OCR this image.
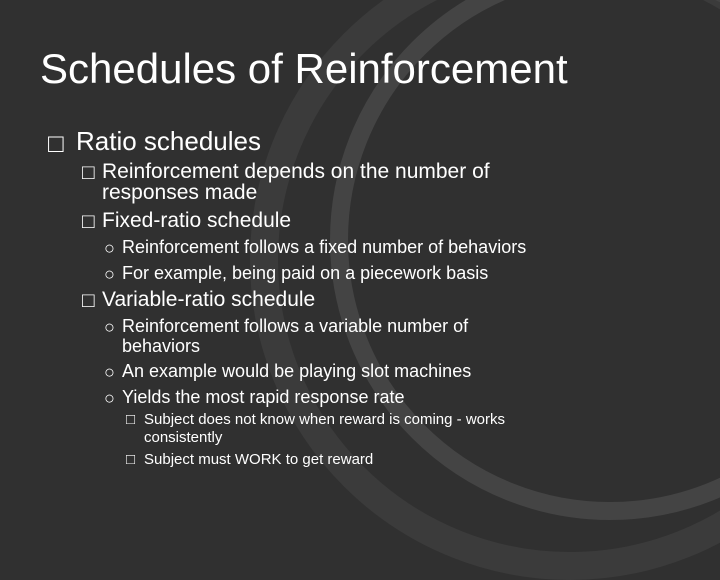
Schedules of Reinforcement
□ Ratio schedules
□ Reinforcement depends on the number of
responses made
□ Fixed-ratio schedule
○ Reinforcement follows a fixed number of behaviors
○ For example, being paid on a piecework basis
□ Variable-ratio schedule
○ Reinforcement follows a variable number of
behaviors
○ An example would be playing slot machines
○ Yields the most rapid response rate
□ Subject does not know when reward is coming - works
consistently
□ Subject must WORK to get reward
